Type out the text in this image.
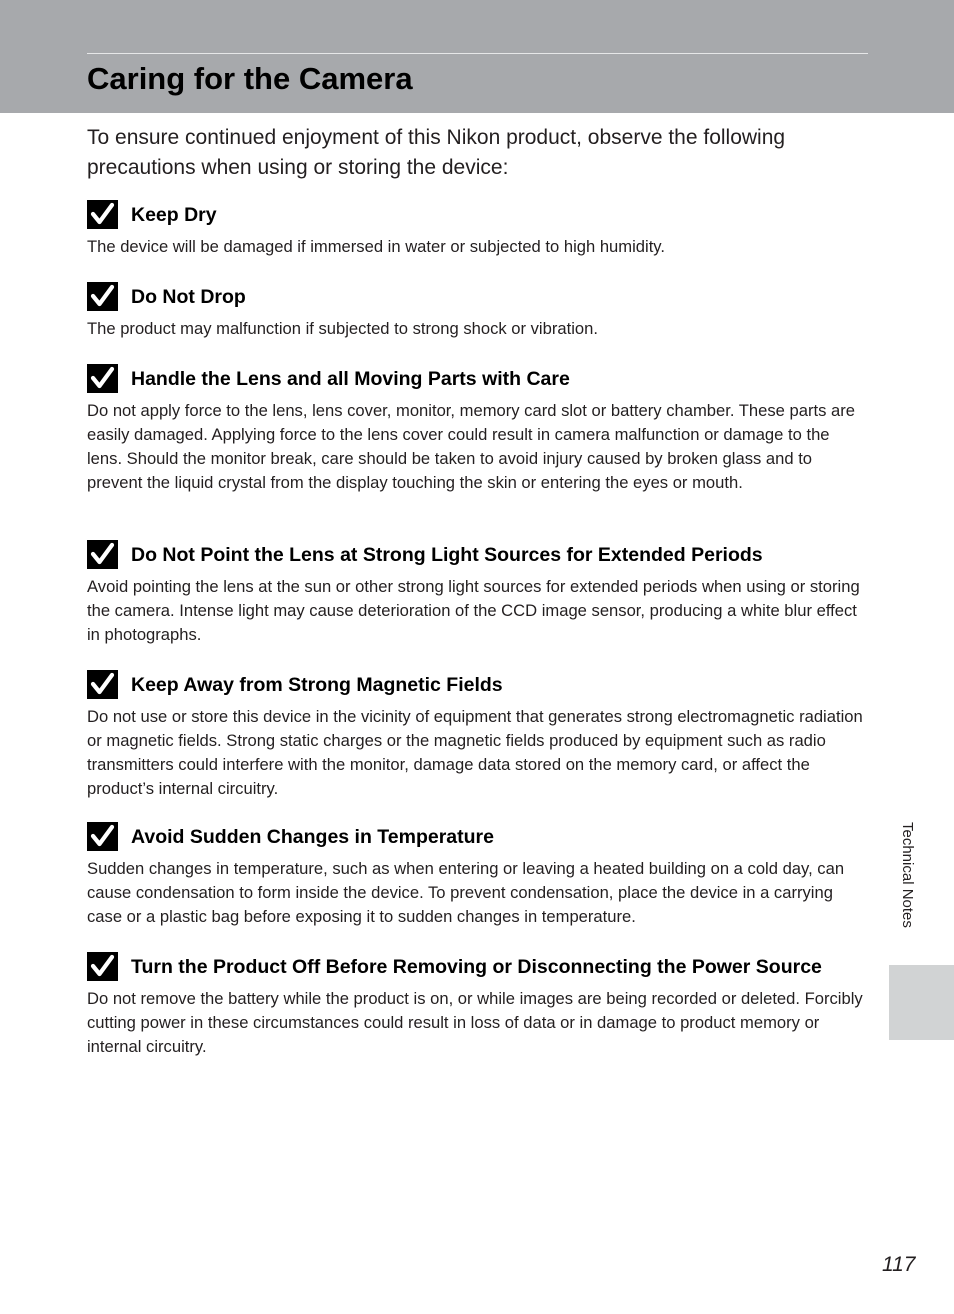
Caring for the Camera

To ensure continued enjoyment of this Nikon product, observe the following precautions when using or storing the device:

Keep Dry

The device will be damaged if immersed in water or subjected to high humidity.

Do Not Drop

The product may malfunction if subjected to strong shock or vibration.

Handle the Lens and all Moving Parts with Care

Do not apply force to the lens, lens cover, monitor, memory card slot or battery chamber. These parts are easily damaged. Applying force to the lens cover could result in camera malfunction or damage to the lens. Should the monitor break, care should be taken to avoid injury caused by broken glass and to prevent the liquid crystal from the display touching the skin or entering the eyes or mouth.

Do Not Point the Lens at Strong Light Sources for Extended Periods

Avoid pointing the lens at the sun or other strong light sources for extended periods when using or storing the camera. Intense light may cause deterioration of the CCD image sensor, producing a white blur effect in photographs.

Keep Away from Strong Magnetic Fields

Do not use or store this device in the vicinity of equipment that generates strong electromagnetic radiation or magnetic fields. Strong static charges or the magnetic fields produced by equipment such as radio transmitters could interfere with the monitor, damage data stored on the memory card, or affect the product’s internal circuitry.

Avoid Sudden Changes in Temperature

Sudden changes in temperature, such as when entering or leaving a heated building on a cold day, can cause condensation to form inside the device. To prevent condensation, place the device in a carrying case or a plastic bag before exposing it to sudden changes in temperature.

Turn the Product Off Before Removing or Disconnecting the Power Source

Do not remove the battery while the product is on, or while images are being recorded or deleted. Forcibly cutting power in these circumstances could result in loss of data or in damage to product memory or internal circuitry.

Technical Notes
117
